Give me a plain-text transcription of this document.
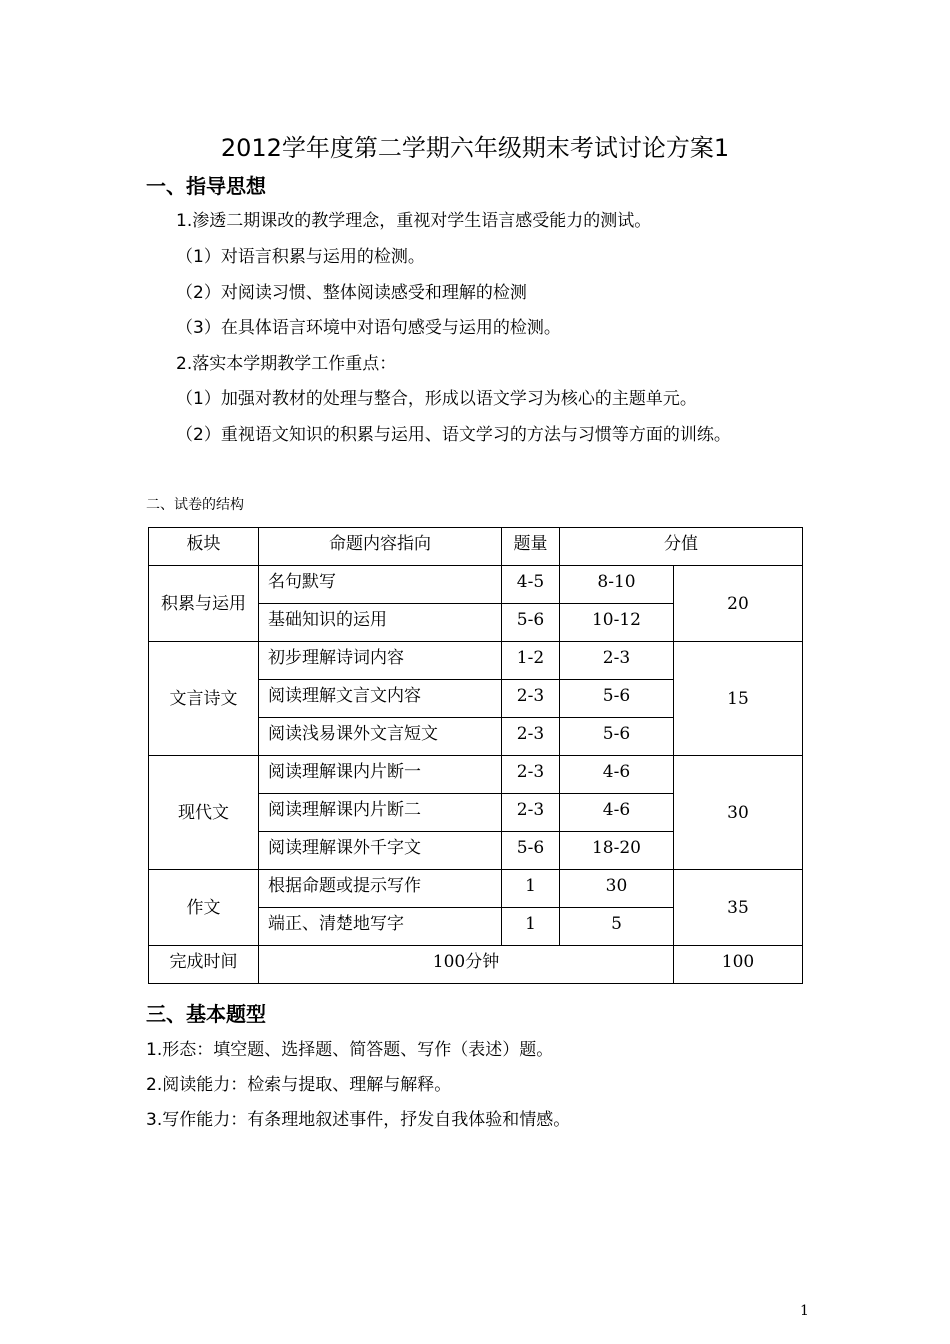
2012学年度第二学期六年级期末考试讨论方案1
一、指导思想
1.渗透二期课改的教学理念，重视对学生语言感受能力的测试。
（1）对语言积累与运用的检测。
（2）对阅读习惯、整体阅读感受和理解的检测
（3）在具体语言环境中对语句感受与运用的检测。
2.落实本学期教学工作重点：
（1）加强对教材的处理与整合，形成以语文学习为核心的主题单元。
（2）重视语文知识的积累与运用、语文学习的方法与习惯等方面的训练。
二、试卷的结构
板块	命题内容指向	题量	分值	
积累与运用	名句默写	4-5	8-10	20
	基础知识的运用	5-6	10-12	
文言诗文	初步理解诗词内容	1-2	2-3	15
	阅读理解文言文内容	2-3	5-6	
	阅读浅易课外文言短文	2-3	5-6	
现代文	阅读理解课内片断一	2-3	4-6	30
	阅读理解课内片断二	2-3	4-6	
	阅读理解课外千字文	5-6	18-20	
作文	根据命题或提示写作	1	30	35
	端正、清楚地写字	1	5	
完成时间	100分钟			100
三、基本题型
1.形态：填空题、选择题、简答题、写作（表述）题。
2.阅读能力：检索与提取、理解与解释。
3.写作能力：有条理地叙述事件，抒发自我体验和情感。
1
